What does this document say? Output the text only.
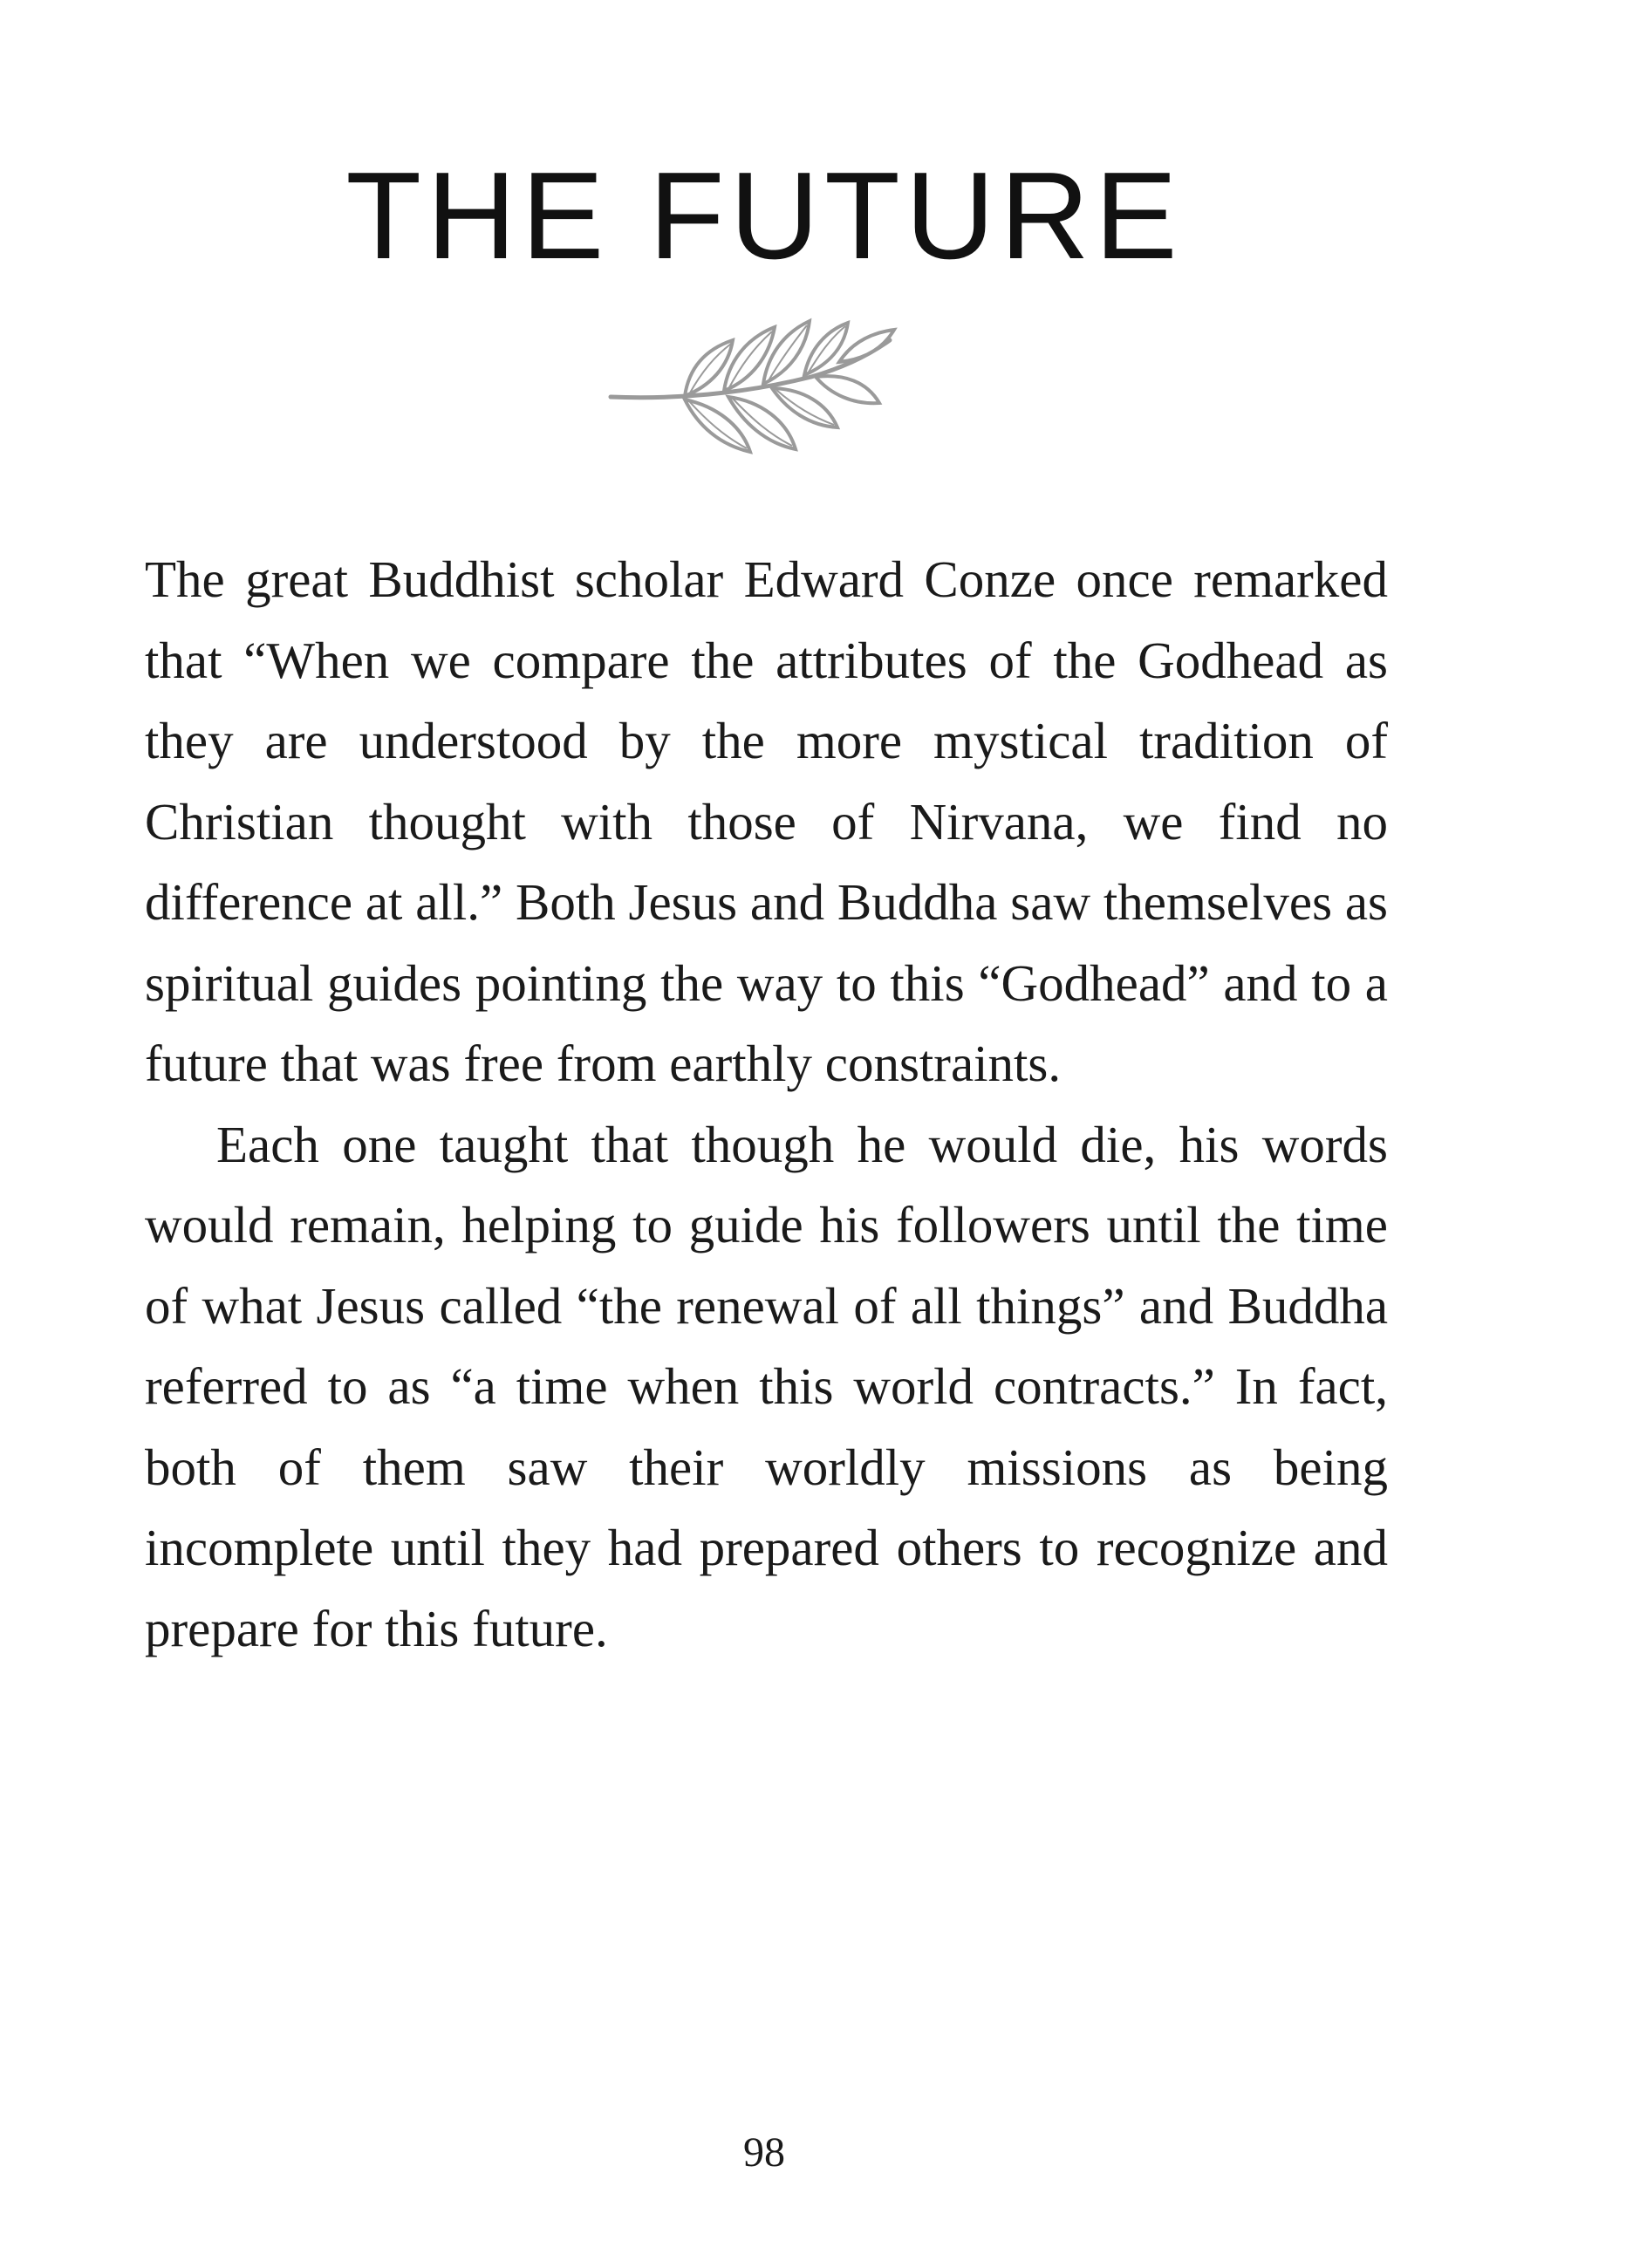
THE FUTURE

The great Buddhist scholar Edward Conze once remarked that “When we compare the attributes of the Godhead as they are understood by the more mystical tradition of Christian thought with those of Nirvana, we find no difference at all.” Both Jesus and Buddha saw themselves as spiritual guides pointing the way to this “Godhead” and to a future that was free from earthly constraints.

Each one taught that though he would die, his words would remain, helping to guide his followers until the time of what Jesus called “the renewal of all things” and Buddha referred to as “a time when this world contracts.” In fact, both of them saw their worldly missions as being incomplete until they had prepared others to recognize and prepare for this future.

98
